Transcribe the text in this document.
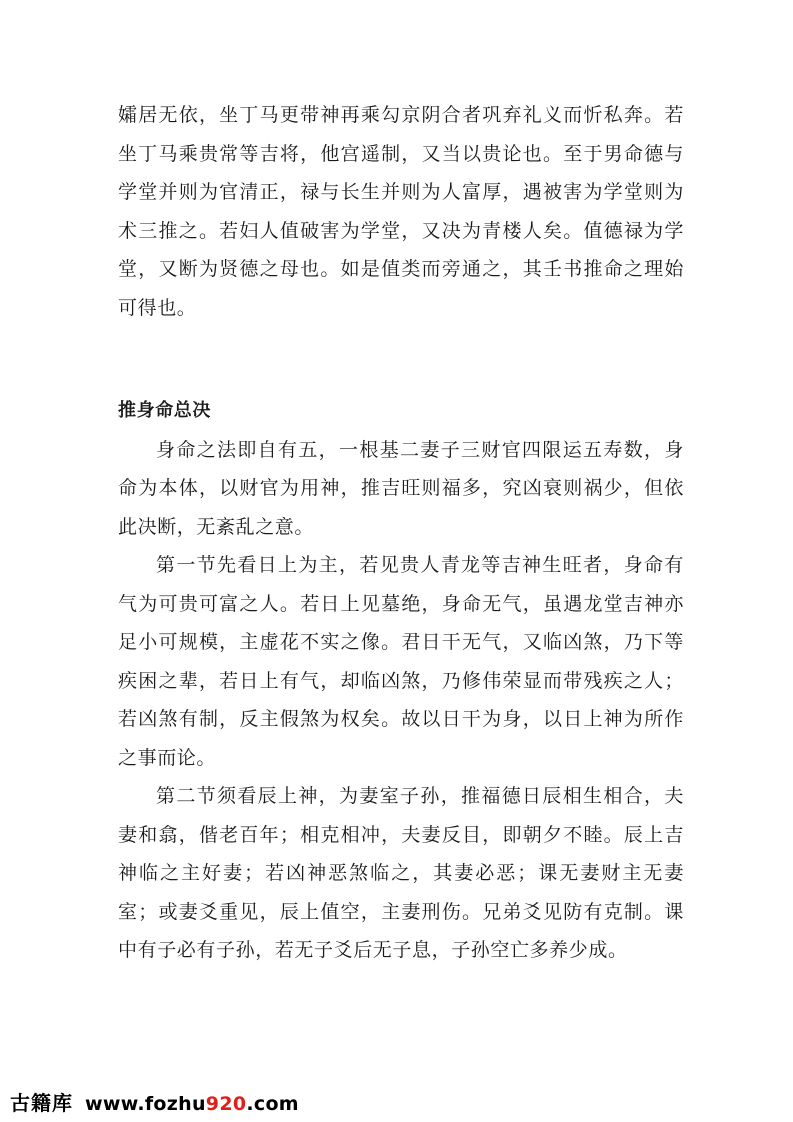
孀居无依，坐丁马更带神再乘勾京阴合者巩弃礼义而忻私奔。若坐丁马乘贵常等吉将，他宫遥制，又当以贵论也。至于男命德与学堂并则为官清正，禄与长生并则为人富厚，遇被害为学堂则为术三推之。若妇人值破害为学堂，又决为青楼人矣。值德禄为学堂，又断为贤德之母也。如是值类而旁通之，其壬书推命之理始可得也。

推身命总决

身命之法即自有五，一根基二妻子三财官四限运五寿数，身命为本体，以财官为用神，推吉旺则福多，究凶衰则祸少，但依此决断，无紊乱之意。

第一节先看日上为主，若见贵人青龙等吉神生旺者，身命有气为可贵可富之人。若日上见墓绝，身命无气，虽遇龙堂吉神亦足小可规模，主虚花不实之像。君日干无气，又临凶煞，乃下等疾困之辈，若日上有气，却临凶煞，乃修伟荣显而带残疾之人；若凶煞有制，反主假煞为权矣。故以日干为身，以日上神为所作之事而论。

第二节须看辰上神，为妻室子孙，推福德日辰相生相合，夫妻和翕，偕老百年；相克相冲，夫妻反目，即朝夕不睦。辰上吉神临之主好妻；若凶神恶煞临之，其妻必恶；课无妻财主无妻室；或妻爻重见，辰上值空，主妻刑伤。兄弟爻见防有克制。课中有子必有子孙，若无子爻后无子息，子孙空亡多养少成。

古籍库 www.fozhu920.com
